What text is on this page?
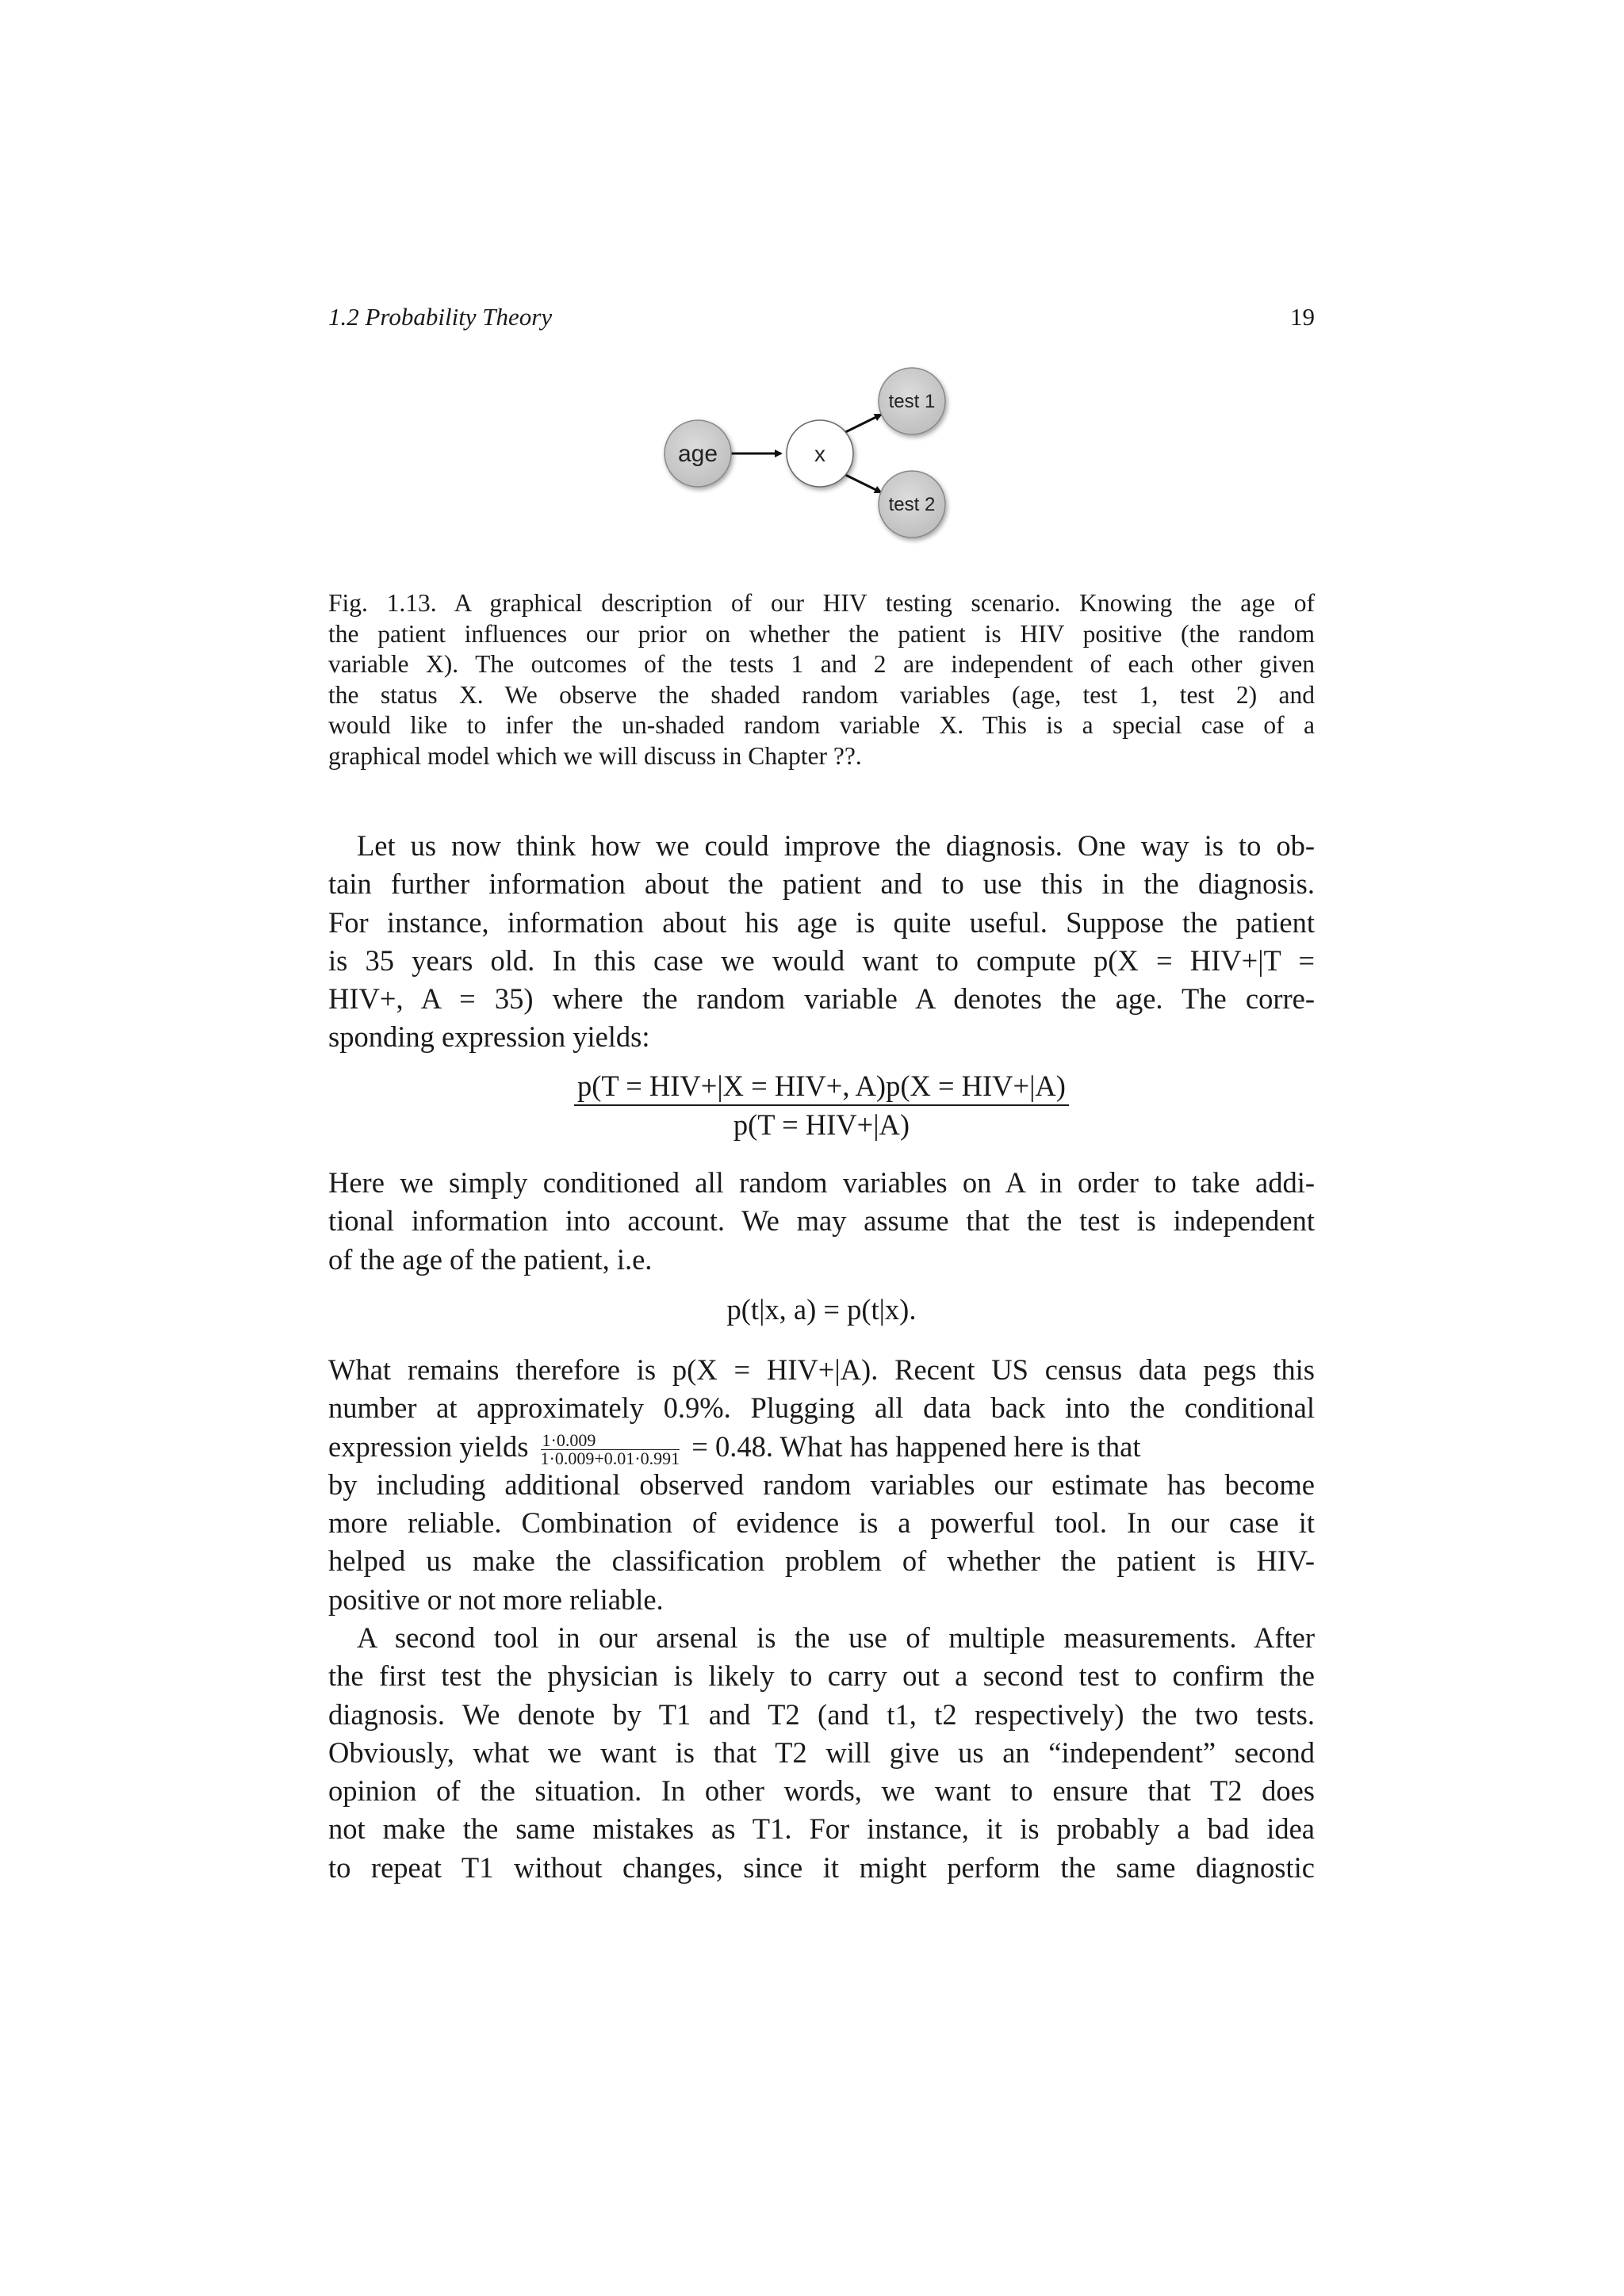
1.2 Probability Theory	19
age	x
test 1
test 2
Fig. 1.13. A graphical description of our HIV testing scenario. Knowing the age of
the patient influences our prior on whether the patient is HIV positive (the random
variable X). The outcomes of the tests 1 and 2 are independent of each other given
the status X. We observe the shaded random variables (age, test 1, test 2) and
would like to infer the un-shaded random variable X. This is a special case of a
graphical model which we will discuss in Chapter ??.
Let us now think how we could improve the diagnosis. One way is to ob-
tain further information about the patient and to use this in the diagnosis.
For instance, information about his age is quite useful. Suppose the patient
is 35 years old. In this case we would want to compute p(X = HIV+|T =
HIV+, A = 35) where the random variable A denotes the age. The corre-
sponding expression yields:
$\frac{\text{p(T = HIV+|X = HIV+, A)p(X = HIV+|A)}}{\text{p(T = HIV+|A)}}$
Here we simply conditioned all random variables on A in order to take addi-
tional information into account. We may assume that the test is independent
of the age of the patient, i.e.
p(t|x, a) = p(t|x).
What remains therefore is p(X = HIV+|A). Recent US census data pegs this
number at approximately 0.9%. Plugging all data back into the conditional
expression yields $\frac{1\cdot 0.009}{1\cdot 0.009+0.01\cdot 0.991} = 0.48$. What has happened here is that
by including additional observed random variables our estimate has become
more reliable. Combination of evidence is a powerful tool. In our case it
helped us make the classification problem of whether the patient is HIV-
positive or not more reliable.
A second tool in our arsenal is the use of multiple measurements. After
the first test the physician is likely to carry out a second test to confirm the
diagnosis. We denote by T1 and T2 (and t1, t2 respectively) the two tests.
Obviously, what we want is that T2 will give us an “independent” second
opinion of the situation. In other words, we want to ensure that T2 does
not make the same mistakes as T1. For instance, it is probably a bad idea
to repeat T1 without changes, since it might perform the same diagnostic
